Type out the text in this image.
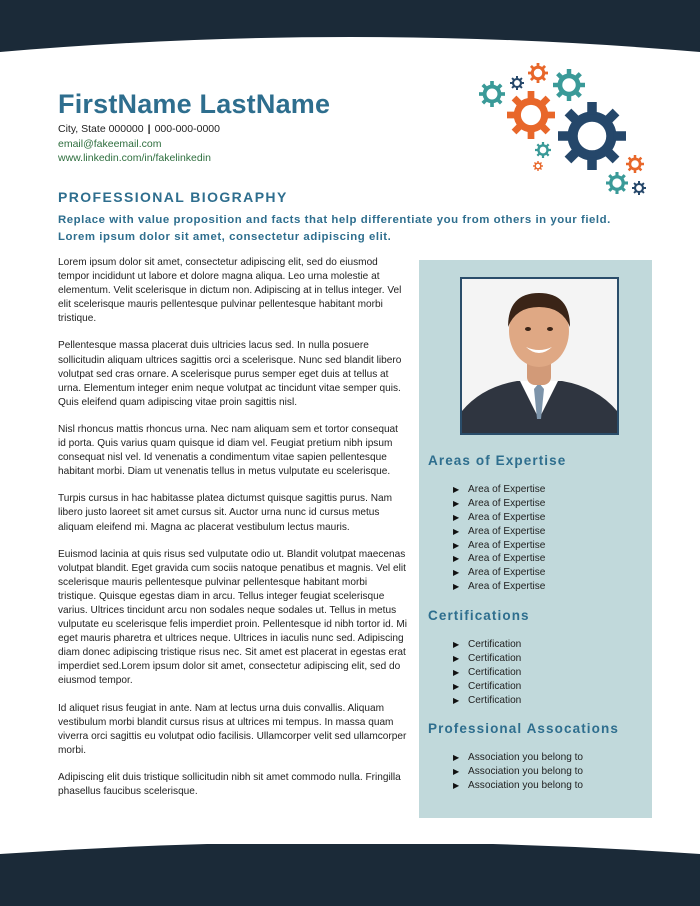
FirstName LastName
City, State 000000 | 000-000-0000
email@fakeemail.com
www.linkedin.com/in/fakelinkedin
PROFESSIONAL BIOGRAPHY

Replace with value proposition and facts that help differentiate you from others in your field. Lorem ipsum dolor sit amet, consectetur adipiscing elit.

Lorem ipsum dolor sit amet, consectetur adipiscing elit, sed do eiusmod tempor incididunt ut labore et dolore magna aliqua. Leo urna molestie at elementum. Velit scelerisque in dictum non. Adipiscing at in tellus integer. Vel elit scelerisque mauris pellentesque pulvinar pellentesque habitant morbi tristique.

Pellentesque massa placerat duis ultricies lacus sed. In nulla posuere sollicitudin aliquam ultrices sagittis orci a scelerisque. Nunc sed blandit libero volutpat sed cras ornare. A scelerisque purus semper eget duis at tellus at urna. Elementum integer enim neque volutpat ac tincidunt vitae semper quis. Quis eleifend quam adipiscing vitae proin sagittis nisl.

Nisl rhoncus mattis rhoncus urna. Nec nam aliquam sem et tortor consequat id porta. Quis varius quam quisque id diam vel. Feugiat pretium nibh ipsum consequat nisl vel. Id venenatis a condimentum vitae sapien pellentesque habitant morbi. Diam ut venenatis tellus in metus vulputate eu scelerisque.

Turpis cursus in hac habitasse platea dictumst quisque sagittis purus. Nam libero justo laoreet sit amet cursus sit. Auctor urna nunc id cursus metus aliquam eleifend mi. Magna ac placerat vestibulum lectus mauris.

Euismod lacinia at quis risus sed vulputate odio ut. Blandit volutpat maecenas volutpat blandit. Eget gravida cum sociis natoque penatibus et magnis. Vel elit scelerisque mauris pellentesque pulvinar pellentesque habitant morbi tristique. Quisque egestas diam in arcu. Tellus integer feugiat scelerisque varius. Ultrices tincidunt arcu non sodales neque sodales ut. Tellus in metus vulputate eu scelerisque felis imperdiet proin. Pellentesque id nibh tortor id. Mi eget mauris pharetra et ultrices neque. Ultrices in iaculis nunc sed. Adipiscing diam donec adipiscing tristique risus nec. Sit amet est placerat in egestas erat imperdiet sed.Lorem ipsum dolor sit amet, consectetur adipiscing elit, sed do eiusmod tempor.

Id aliquet risus feugiat in ante. Nam at lectus urna duis convallis. Aliquam vestibulum morbi blandit cursus risus at ultrices mi tempus. In massa quam viverra orci sagittis eu volutpat odio facilisis. Ullamcorper velit sed ullamcorper morbi.

Adipiscing elit duis tristique sollicitudin nibh sit amet commodo nulla. Fringilla phasellus faucibus scelerisque.

Areas of Expertise
▶ Area of Expertise
▶ Area of Expertise
▶ Area of Expertise
▶ Area of Expertise
▶ Area of Expertise
▶ Area of Expertise
▶ Area of Expertise
▶ Area of Expertise
Certifications
▶ Certification
▶ Certification
▶ Certification
▶ Certification
▶ Certification
Professional Assocations
▶ Association you belong to
▶ Association you belong to
▶ Association you belong to
